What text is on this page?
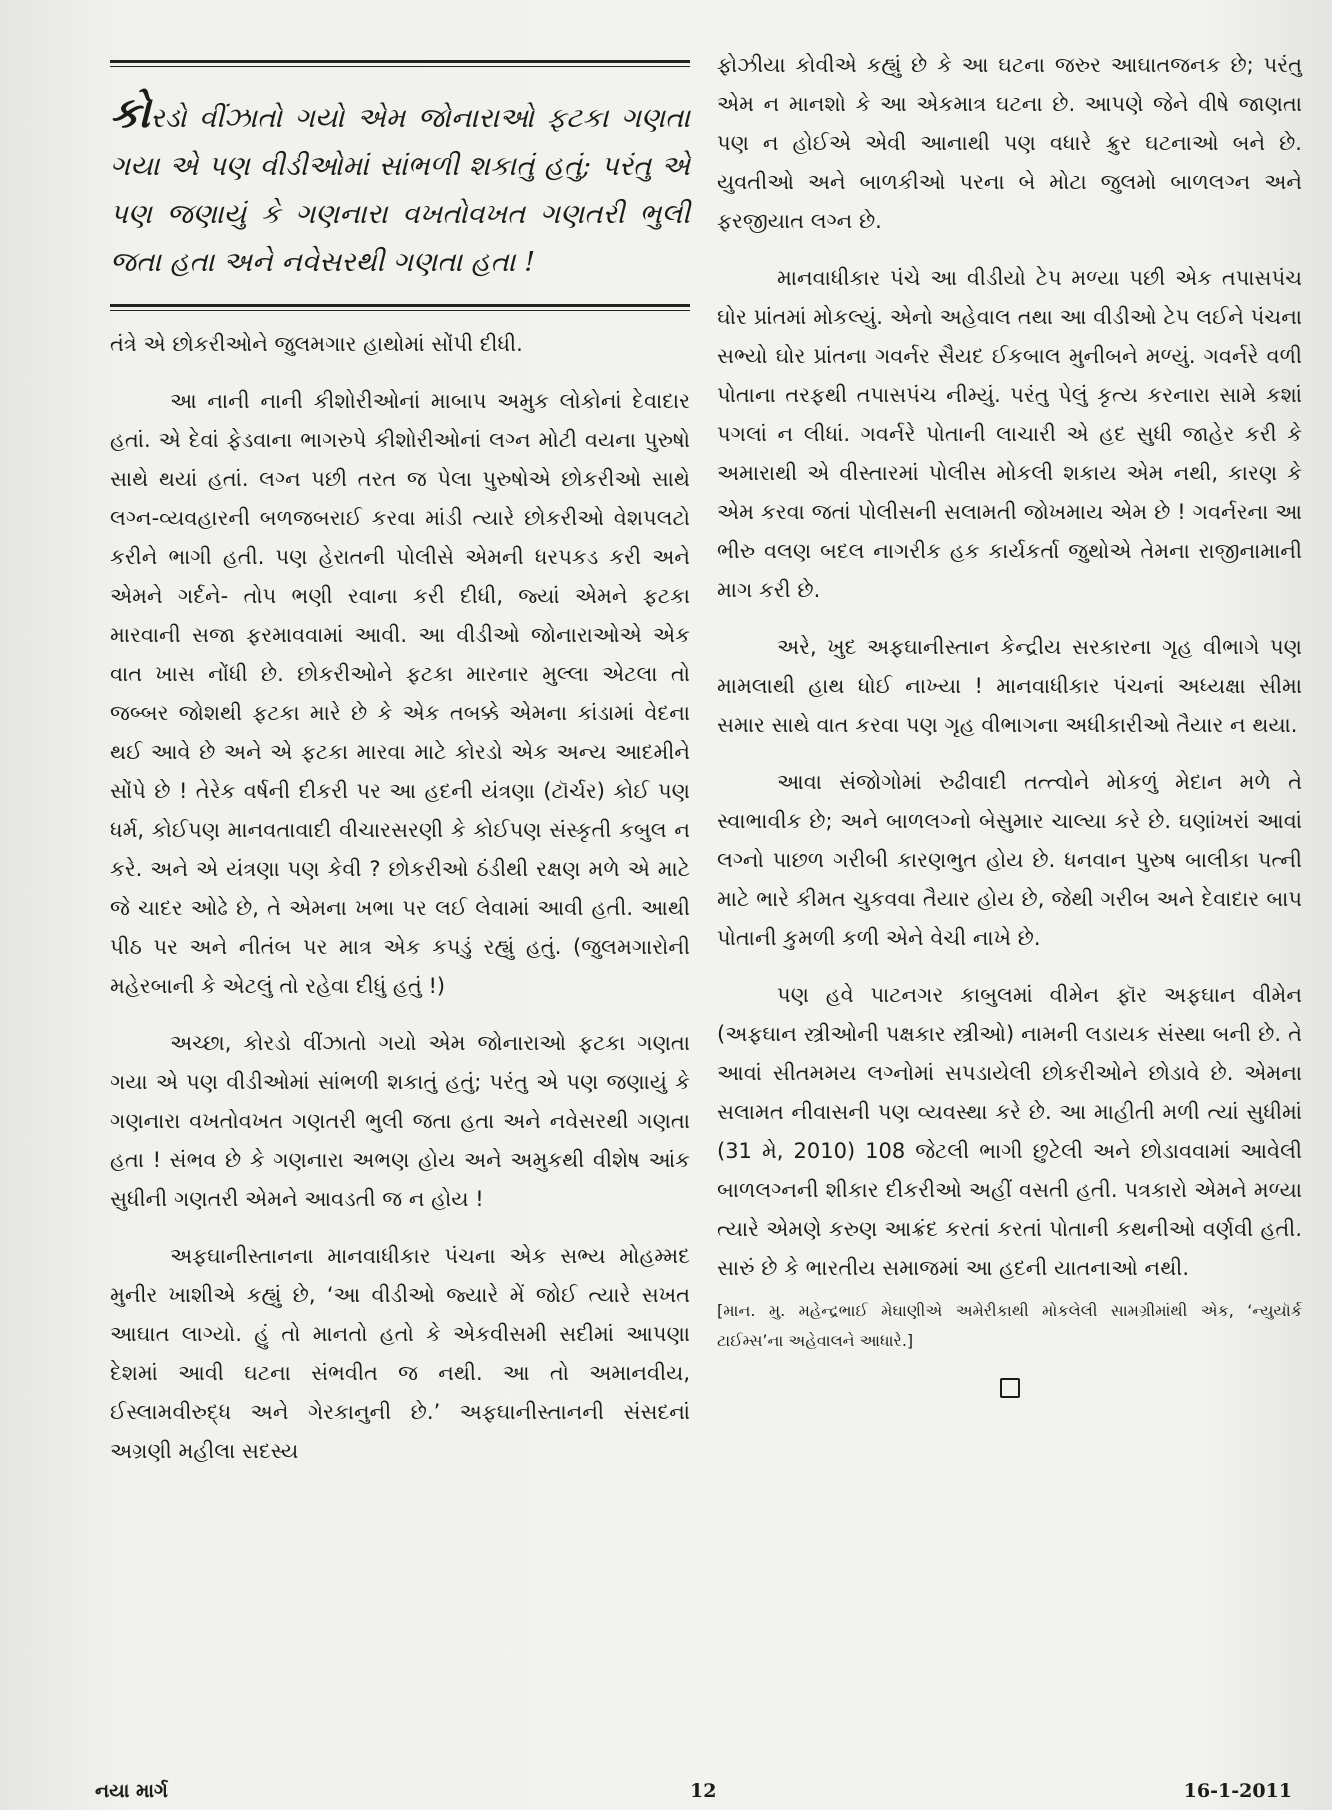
કોરડો વીંઝાતો ગયો એમ જોનારાઓ ફટકા ગણતા ગયા એ પણ વીડીઓમાં સાંભળી શકાતું હતું; પરંતુ એ પણ જણાયું કે ગણનારા વખતોવખત ગણતરી ભુલી જતા હતા અને નવેસરથી ગણતા હતા !

તંત્રે એ છોકરીઓને જુલમગાર હાથોમાં સોંપી દીધી.

આ નાની નાની કીશોરીઓનાં માબાપ અમુક લોકોનાં દેવાદાર હતાં. એ દેવાં ફેડવાના ભાગરુપે કીશોરીઓનાં લગ્ન મોટી વયના પુરુષો સાથે થયાં હતાં. લગ્ન પછી તરત જ પેલા પુરુષોએ છોકરીઓ સાથે લગ્ન-વ્યવહારની બળજબરાઈ કરવા માંડી ત્યારે છોકરીઓ વેશપલટો કરીને ભાગી હતી. પણ હેરાતની પોલીસે એમની ધરપકડ કરી અને એમને ગર્દને- તોપ ભણી રવાના કરી દીધી, જ્યાં એમને ફટકા મારવાની સજા ફરમાવવામાં આવી. આ વીડીઓ જોનારાઓએ એક વાત ખાસ નોંધી છે. છોકરીઓને ફટકા મારનાર મુલ્લા એટલા તો જબ્બર જોશથી ફટકા મારે છે કે એક તબક્કે એમના કાંડામાં વેદના થઈ આવે છે અને એ ફટકા મારવા માટે કોરડો એક અન્ય આદમીને સોંપે છે ! તેરેક વર્ષની દીકરી પર આ હદની યંત્રણા (ટૉર્ચર) કોઈ પણ ધર્મ, કોઈપણ માનવતાવાદી વીચારસરણી કે કોઈપણ સંસ્કૃતી કબુલ ન કરે. અને એ યંત્રણા પણ કેવી ? છોકરીઓ ઠંડીથી રક્ષણ મળે એ માટે જે ચાદર ઓઢે છે, તે એમના ખભા પર લઈ લેવામાં આવી હતી. આથી પીઠ પર અને નીતંબ પર માત્ર એક કપડું રહ્યું હતું. (જુલમગારોની મહેરબાની કે એટલું તો રહેવા દીધું હતું !)

અચ્છા, કોરડો વીંઝાતો ગયો એમ જોનારાઓ ફટકા ગણતા ગયા એ પણ વીડીઓમાં સાંભળી શકાતું હતું; પરંતુ એ પણ જણાયું કે ગણનારા વખતોવખત ગણતરી ભુલી જતા હતા અને નવેસરથી ગણતા હતા ! સંભવ છે કે ગણનારા અભણ હોય અને અમુકથી વીશેષ આંક સુધીની ગણતરી એમને આવડતી જ ન હોય !

અફઘાનીસ્તાનના માનવાધીકાર પંચના એક સભ્ય મોહમ્મદ મુનીર ખાશીએ કહ્યું છે, ‘આ વીડીઓ જ્યારે મેં જોઈ ત્યારે સખત આઘાત લાગ્યો. હું તો માનતો હતો કે એકવીસમી સદીમાં આપણા દેશમાં આવી ઘટના સંભવીત જ નથી. આ તો અમાનવીય, ઈસ્લામવીરુદ્ધ અને ગેરકાનુની છે.’ અફઘાનીસ્તાનની સંસદનાં અગ્રણી મહીલા સદસ્ય

ફોઝીયા કોવીએ કહ્યું છે કે આ ઘટના જરુર આઘાતજનક છે; પરંતુ એમ ન માનશો કે આ એકમાત્ર ઘટના છે. આપણે જેને વીષે જાણતા પણ ન હોઈએ એવી આનાથી પણ વધારે ક્રુર ઘટનાઓ બને છે. યુવતીઓ અને બાળકીઓ પરના બે મોટા જુલમો બાળલગ્ન અને ફરજીયાત લગ્ન છે.

માનવાધીકાર પંચે આ વીડીયો ટેપ મળ્યા પછી એક તપાસપંચ ઘોર પ્રાંતમાં મોકલ્યું. એનો અહેવાલ તથા આ વીડીઓ ટેપ લઈને પંચના સભ્યો ઘોર પ્રાંતના ગવર્નર સૈયદ ઈકબાલ મુનીબને મળ્યું. ગવર્નરે વળી પોતાના તરફથી તપાસપંચ નીમ્યું. પરંતુ પેલું કૃત્ય કરનારા સામે કશાં પગલાં ન લીધાં. ગવર્નરે પોતાની લાચારી એ હદ સુધી જાહેર કરી કે અમારાથી એ વીસ્તારમાં પોલીસ મોકલી શકાય એમ નથી, કારણ કે એમ કરવા જતાં પોલીસની સલામતી જોખમાય એમ છે ! ગવર્નરના આ ભીરુ વલણ બદલ નાગરીક હક કાર્યકર્તા જુથોએ તેમના રાજીનામાની માગ કરી છે.

અરે, ખુદ અફઘાનીસ્તાન કેન્દ્રીય સરકારના ગૃહ વીભાગે પણ મામલાથી હાથ ધોઈ નાખ્યા ! માનવાધીકાર પંચનાં અધ્યક્ષા સીમા સમાર સાથે વાત કરવા પણ ગૃહ વીભાગના અધીકારીઓ તૈયાર ન થયા.

આવા સંજોગોમાં રુઢીવાદી તત્ત્વોને મોકળું મેદાન મળે તે સ્વાભાવીક છે; અને બાળલગ્નો બેસુમાર ચાલ્યા કરે છે. ઘણાંખરાં આવાં લગ્નો પાછળ ગરીબી કારણભુત હોય છે. ધનવાન પુરુષ બાલીકા પત્ની માટે ભારે કીમત ચુકવવા તૈયાર હોય છે, જેથી ગરીબ અને દેવાદાર બાપ પોતાની કુમળી કળી એને વેચી નાખે છે.

પણ હવે પાટનગર કાબુલમાં વીમેન ફૉર અફઘાન વીમેન (અફઘાન સ્ત્રીઓની પક્ષકાર સ્ત્રીઓ) નામની લડાયક સંસ્થા બની છે. તે આવાં સીતમમય લગ્નોમાં સપડાયેલી છોકરીઓને છોડાવે છે. એમના સલામત નીવાસની પણ વ્યવસ્થા કરે છે. આ માહીતી મળી ત્યાં સુધીમાં (31 મે, 2010) 108 જેટલી ભાગી છુટેલી અને છોડાવવામાં આવેલી બાળલગ્નની શીકાર દીકરીઓ અહીં વસતી હતી. પત્રકારો એમને મળ્યા ત્યારે એમણે કરુણ આક્રંદ કરતાં કરતાં પોતાની કથનીઓ વર્ણવી હતી. સારું છે કે ભારતીય સમાજમાં આ હદની યાતનાઓ નથી.

[માન. મુ. મહેન્દ્રભાઈ મેઘાણીએ અમેરીકાથી મોકલેલી સામગ્રીમાંથી એક, ‘ન્યુયૉર્ક ટાઈમ્સ’ના અહેવાલને આધારે.]

નયા માર્ગ	12	16-1-2011
